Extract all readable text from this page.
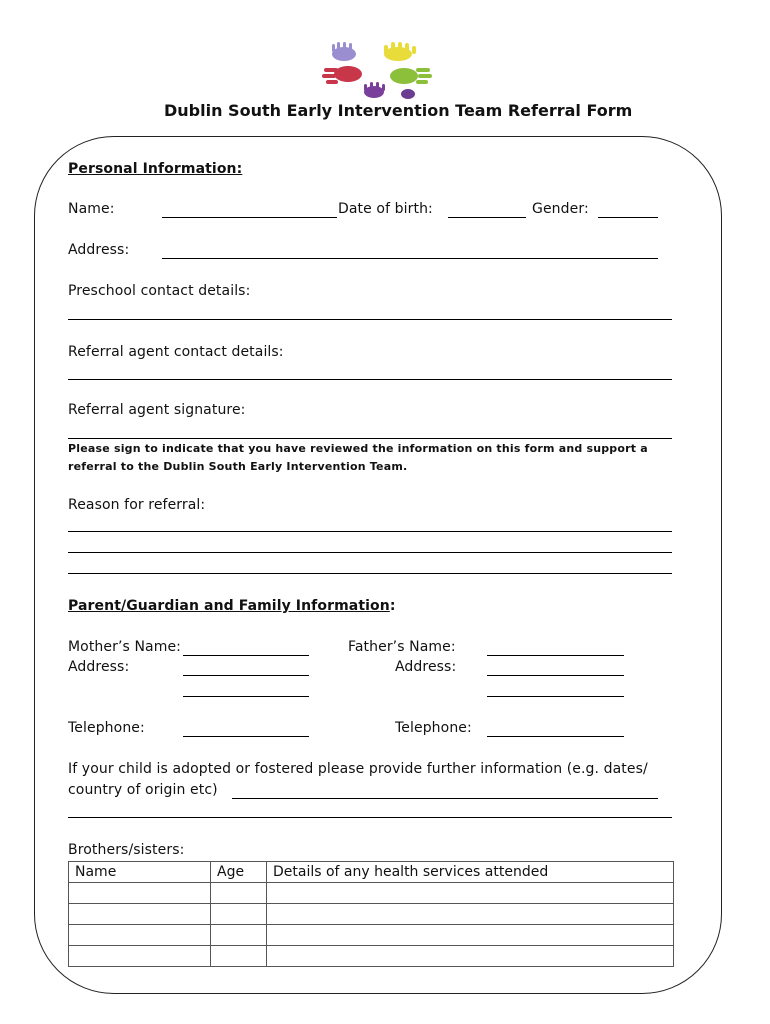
Dublin South Early Intervention Team Referral Form
Personal Information:
Name:	Date of birth:	Gender:
Address:
Preschool contact details:
Referral agent contact details:
Referral agent signature:
Please sign to indicate that you have reviewed the information on this form and support a
referral to the Dublin South Early Intervention Team.
Reason for referral:
Parent/Guardian and Family Information:
Mother’s Name:	Father’s Name:
Address:	Address:
Telephone:	Telephone:
If your child is adopted or fostered please provide further information (e.g. dates/
country of origin etc)
Brothers/sisters:
Name	Age	Details of any health services attended
